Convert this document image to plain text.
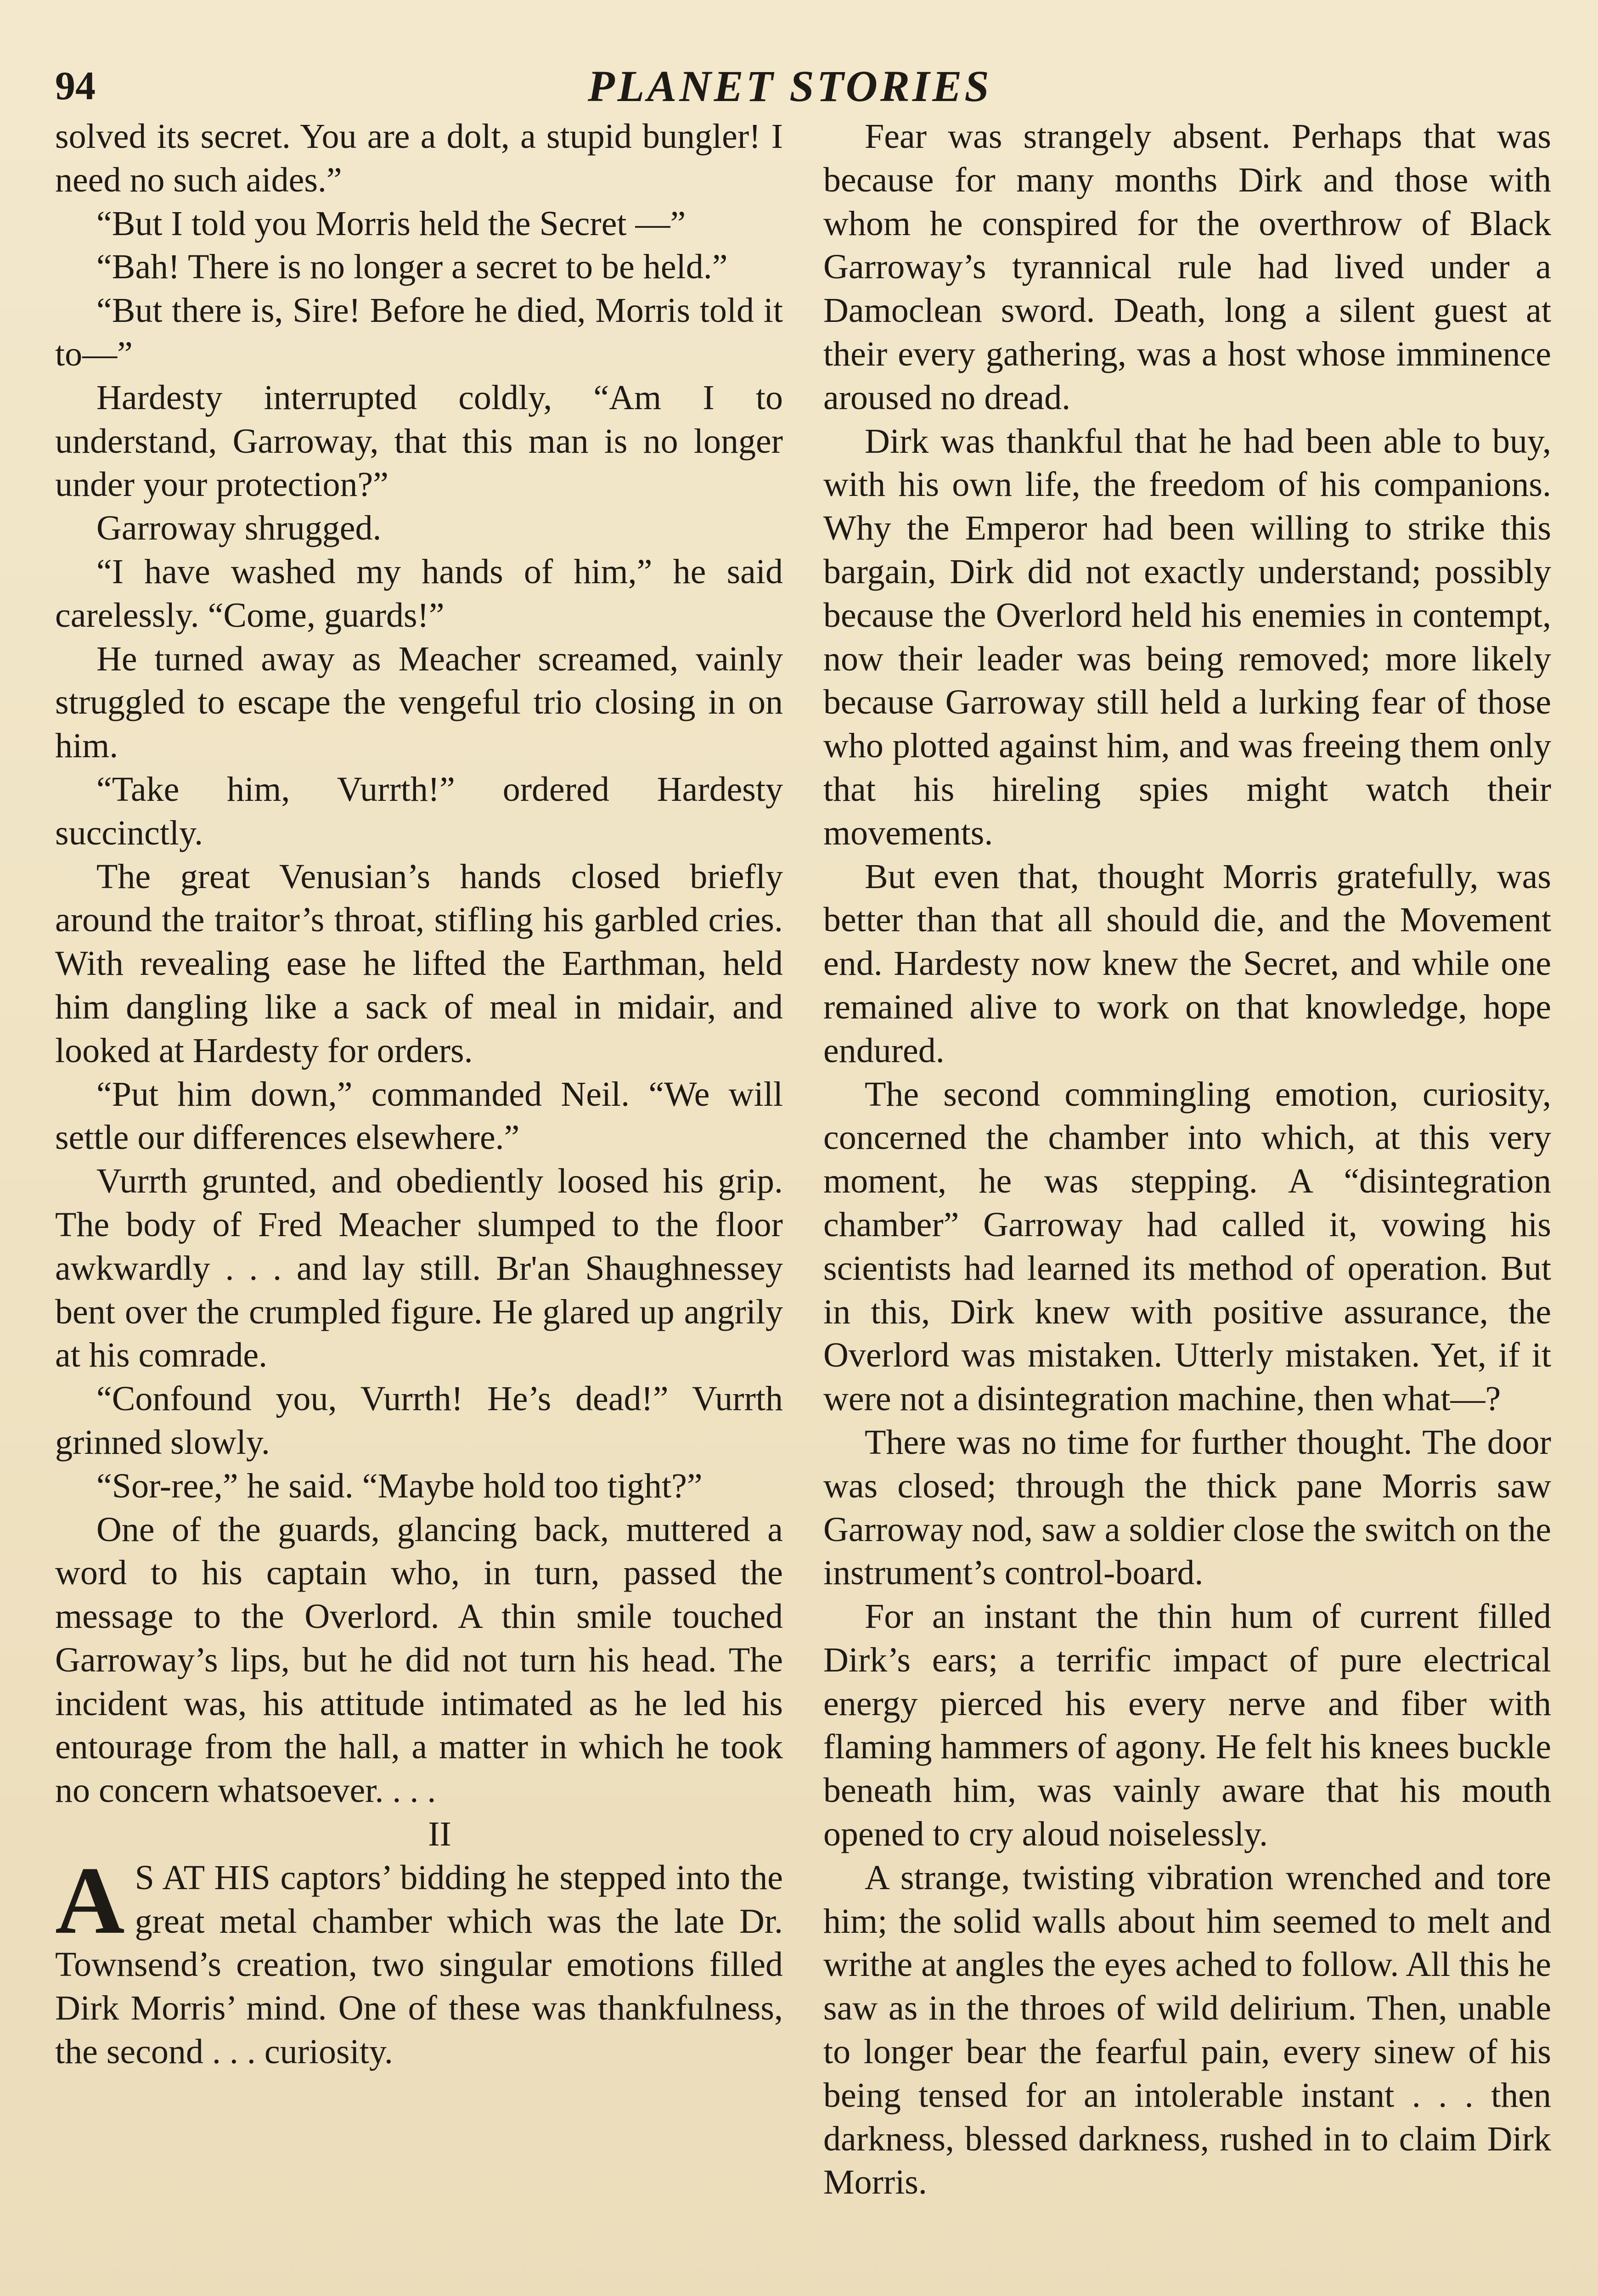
94	PLANET STORIES

solved its secret. You are a dolt, a stupid bungler! I need no such aides.”

“But I told you Morris held the Secret —”

“Bah! There is no longer a secret to be held.”

“But there is, Sire! Before he died, Morris told it to—”

Hardesty interrupted coldly, “Am I to understand, Garroway, that this man is no longer under your protection?”

Garroway shrugged.

“I have washed my hands of him,” he said carelessly. “Come, guards!”

He turned away as Meacher screamed, vainly struggled to escape the vengeful trio closing in on him.

“Take him, Vurrth!” ordered Hardesty succinctly.

The great Venusian’s hands closed briefly around the traitor’s throat, stifling his garbled cries. With revealing ease he lifted the Earthman, held him dangling like a sack of meal in midair, and looked at Hardesty for orders.

“Put him down,” commanded Neil. “We will settle our differences elsewhere.”

Vurrth grunted, and obediently loosed his grip. The body of Fred Meacher slumped to the floor awkwardly . . . and lay still. Br'an Shaughnessey bent over the crumpled figure. He glared up angrily at his comrade.

“Confound you, Vurrth! He’s dead!” Vurrth grinned slowly.

“Sor-ree,” he said. “Maybe hold too tight?”

One of the guards, glancing back, muttered a word to his captain who, in turn, passed the message to the Overlord. A thin smile touched Garroway’s lips, but he did not turn his head. The incident was, his attitude intimated as he led his entourage from the hall, a matter in which he took no concern whatsoever. . . .

II

A S AT HIS captors’ bidding he stepped into the great metal chamber which was the late Dr. Townsend’s creation, two singular emotions filled Dirk Morris’ mind. One of these was thankfulness, the second . . . curiosity.

Fear was strangely absent. Perhaps that was because for many months Dirk and those with whom he conspired for the overthrow of Black Garroway’s tyrannical rule had lived under a Damoclean sword. Death, long a silent guest at their every gathering, was a host whose imminence aroused no dread.

Dirk was thankful that he had been able to buy, with his own life, the freedom of his companions. Why the Emperor had been willing to strike this bargain, Dirk did not exactly understand; possibly because the Overlord held his enemies in contempt, now their leader was being removed; more likely because Garroway still held a lurking fear of those who plotted against him, and was freeing them only that his hireling spies might watch their movements.

But even that, thought Morris gratefully, was better than that all should die, and the Movement end. Hardesty now knew the Secret, and while one remained alive to work on that knowledge, hope endured.

The second commingling emotion, curiosity, concerned the chamber into which, at this very moment, he was stepping. A “disintegration chamber” Garroway had called it, vowing his scientists had learned its method of operation. But in this, Dirk knew with positive assurance, the Overlord was mistaken. Utterly mistaken. Yet, if it were not a disintegration machine, then what—?

There was no time for further thought. The door was closed; through the thick pane Morris saw Garroway nod, saw a soldier close the switch on the instrument’s control-board.

For an instant the thin hum of current filled Dirk’s ears; a terrific impact of pure electrical energy pierced his every nerve and fiber with flaming hammers of agony. He felt his knees buckle beneath him, was vainly aware that his mouth opened to cry aloud noiselessly.

A strange, twisting vibration wrenched and tore him; the solid walls about him seemed to melt and writhe at angles the eyes ached to follow. All this he saw as in the throes of wild delirium. Then, unable to longer bear the fearful pain, every sinew of his being tensed for an intolerable instant . . . then darkness, blessed darkness, rushed in to claim Dirk Morris.
